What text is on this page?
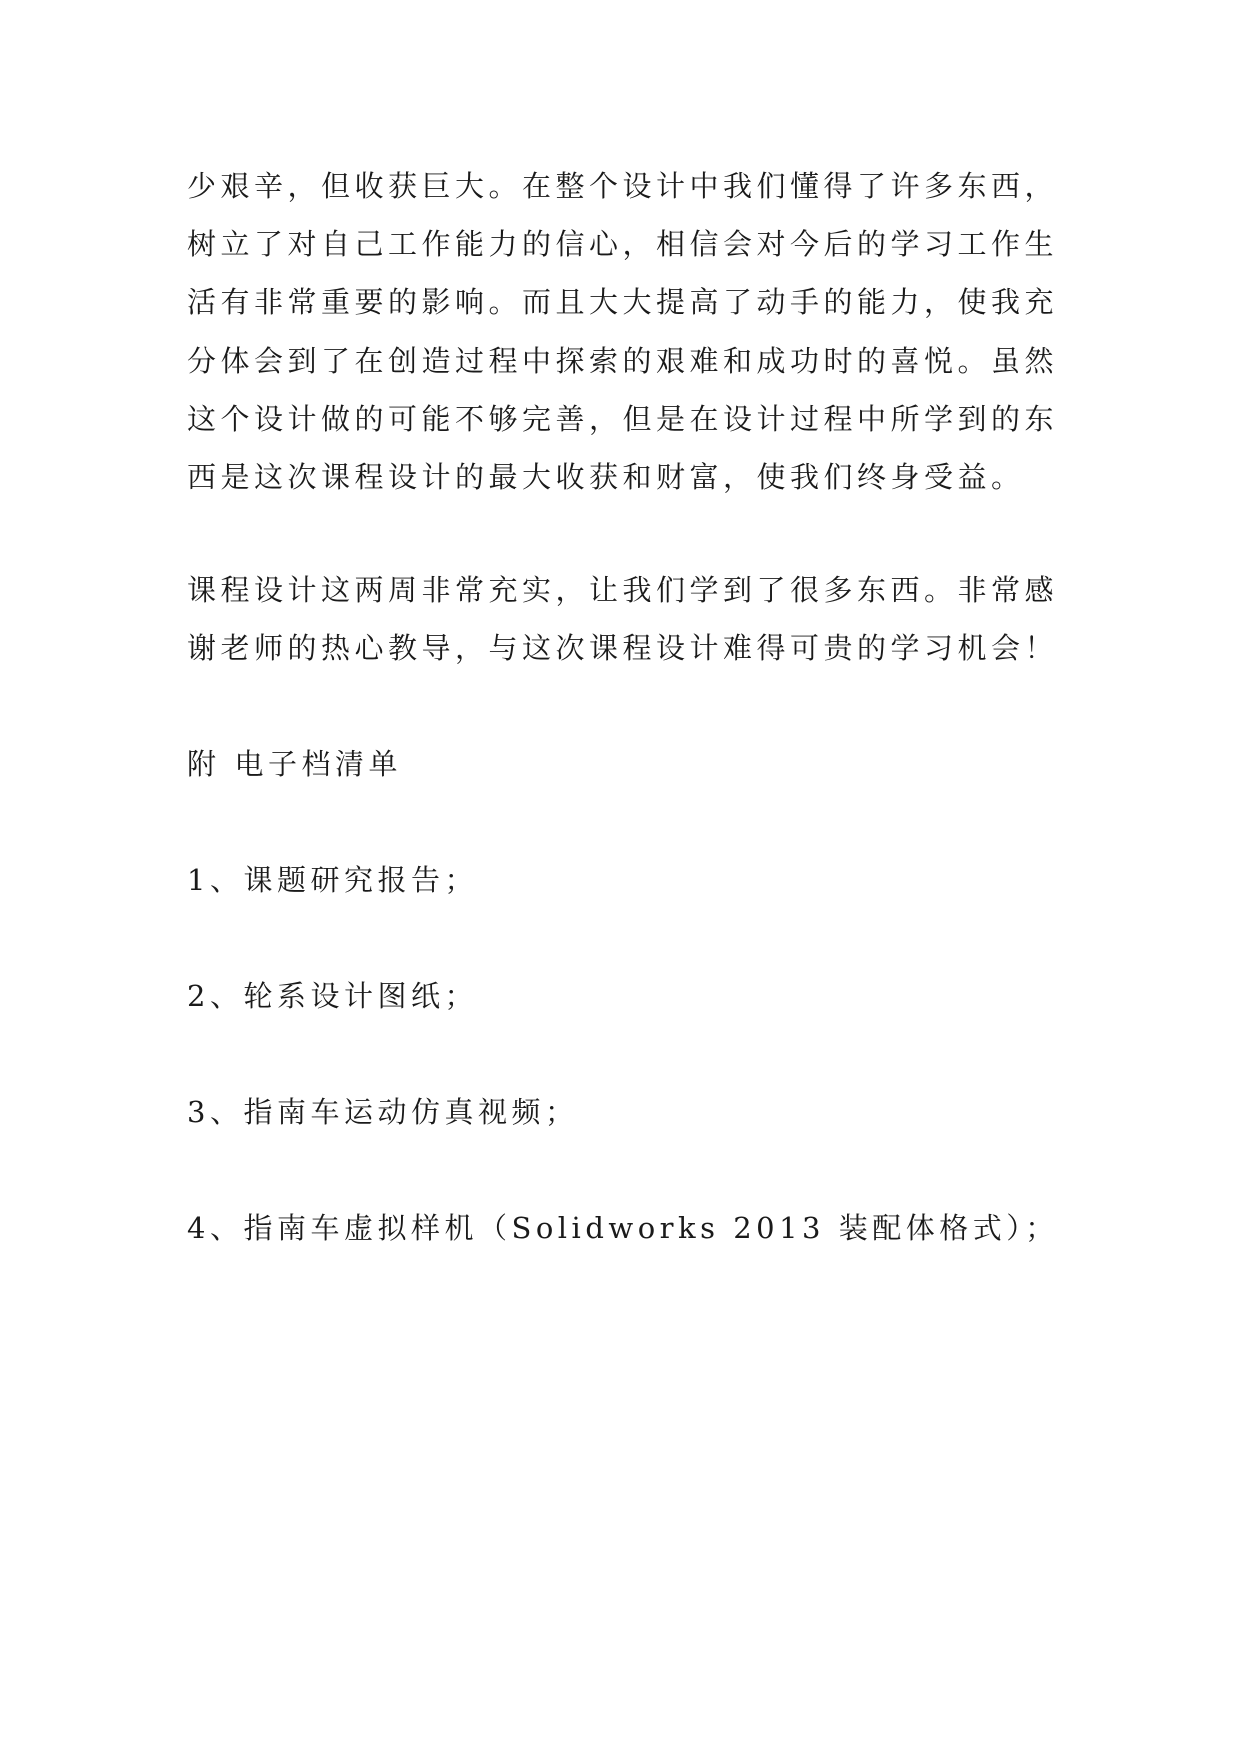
少艰辛，但收获巨大。在整个设计中我们懂得了许多东西，
树立了对自己工作能力的信心，相信会对今后的学习工作生
活有非常重要的影响。而且大大提高了动手的能力，使我充
分体会到了在创造过程中探索的艰难和成功时的喜悦。虽然
这个设计做的可能不够完善，但是在设计过程中所学到的东
西是这次课程设计的最大收获和财富，使我们终身受益。
课程设计这两周非常充实，让我们学到了很多东西。非常感
谢老师的热心教导，与这次课程设计难得可贵的学习机会！
附 电子档清单
1、课题研究报告；
2、轮系设计图纸；
3、指南车运动仿真视频；
4、指南车虚拟样机（Solidworks 2013 装配体格式）；
